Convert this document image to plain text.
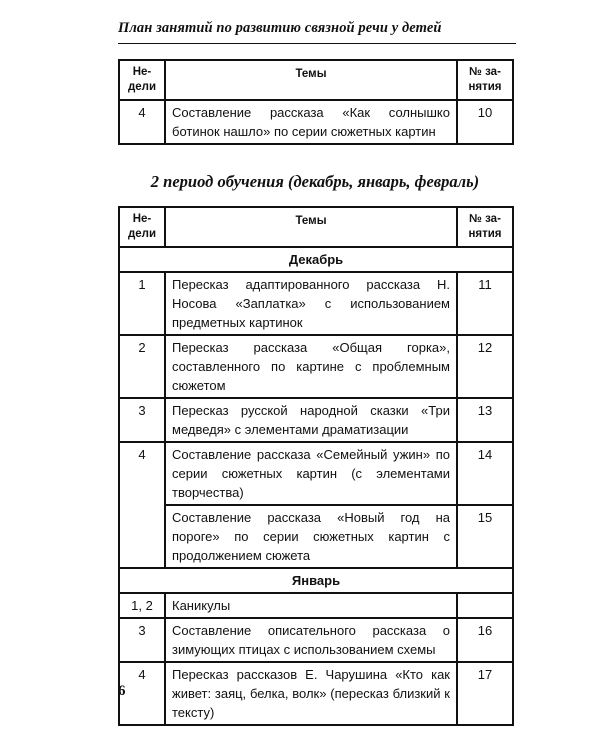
План занятий по развитию связной речи у детей
Не-
дели	Темы	№ за-
нятия
4	Составление рассказа «Как солнышко ботинок нашло» по серии сюжетных картин	10
2 период обучения (декабрь, январь, февраль)
Не-
дели	Темы	№ за-
нятия
Декабрь		
1	Пересказ адаптированного рассказа Н. Носова «Заплатка» с использованием предметных картинок	11
2	Пересказ рассказа «Общая горка», составленного по картине с проблемным сюжетом	12
3	Пересказ русской народной сказки «Три медведя» с элементами драматизации	13
4	Составление рассказа «Семейный ужин» по серии сюжетных картин (с элементами творчества)	14
	Составление рассказа «Новый год на пороге» по серии сюжетных картин с продолжением сюжета	15
Январь		
1, 2	Каникулы	
3	Составление описательного рассказа о зимующих птицах с использованием схемы	16
4	Пересказ рассказов Е. Чарушина «Кто как живет: заяц, белка, волк» (пересказ близкий к тексту)	17
6
